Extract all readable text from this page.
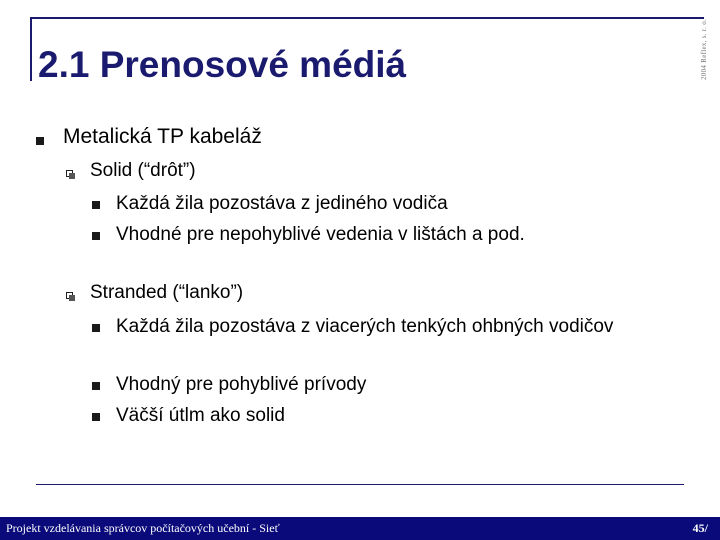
2004 Reflex, s. r. o.
2.1 Prenosové médiá
Metalická TP kabeláž
Solid (“drôt”)
Každá žila pozostáva z jediného vodiča
Vhodné pre nepohyblivé vedenia v lištách a pod.
Stranded (“lanko”)
Každá žila pozostáva z viacerých tenkých ohbných vodičov
Vhodný pre pohyblivé prívody
Väčší útlm ako solid
Projekt vzdelávania správcov počítačových učební - Sieť	45/
